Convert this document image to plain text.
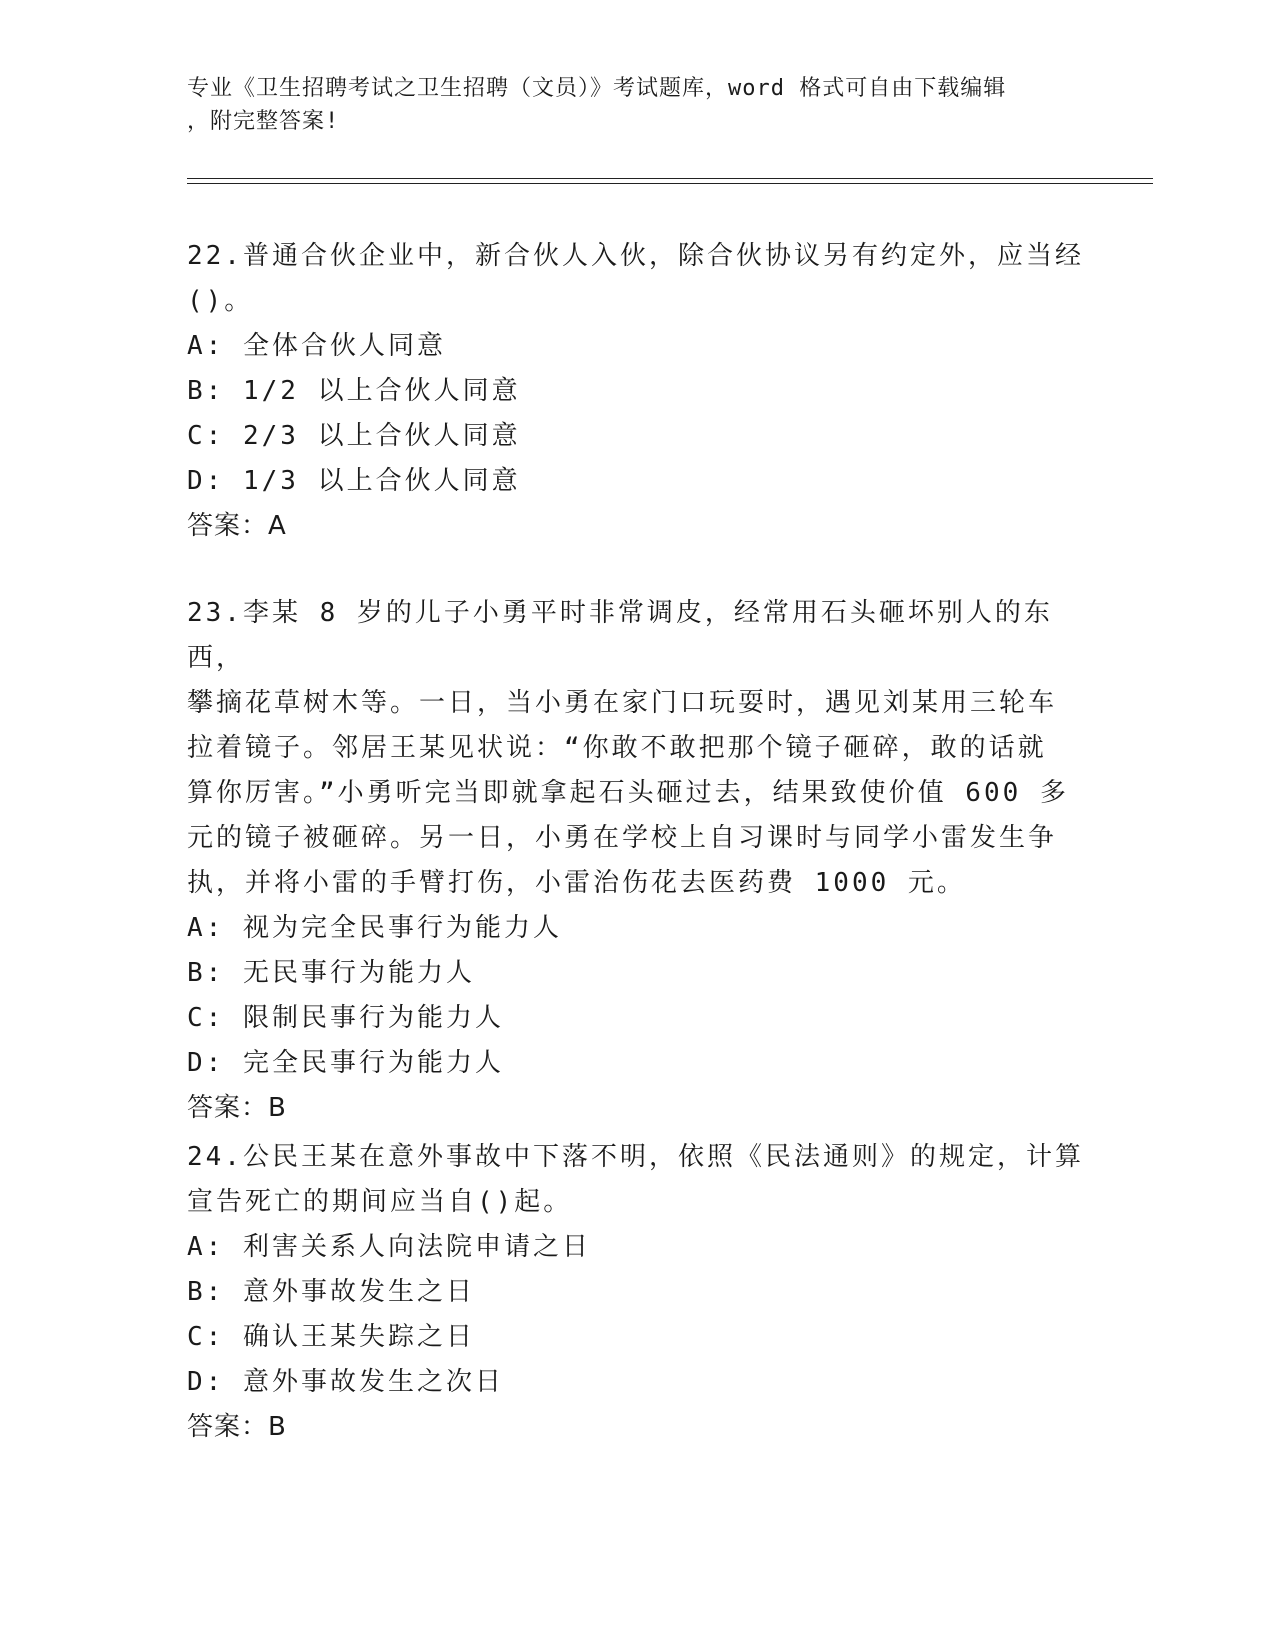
专业《卫生招聘考试之卫生招聘（文员）》考试题库，word 格式可自由下载编辑
，附完整答案!

22.普通合伙企业中，新合伙人入伙，除合伙协议另有约定外，应当经

()。

A: 全体合伙人同意

B: 1/2 以上合伙人同意

C: 2/3 以上合伙人同意

D: 1/3 以上合伙人同意

答案：A

23.李某 8 岁的儿子小勇平时非常调皮，经常用石头砸坏别人的东西，

攀摘花草树木等。一日，当小勇在家门口玩耍时，遇见刘某用三轮车

拉着镜子。邻居王某见状说：“你敢不敢把那个镜子砸碎，敢的话就

算你厉害。”小勇听完当即就拿起石头砸过去，结果致使价值 600 多

元的镜子被砸碎。另一日，小勇在学校上自习课时与同学小雷发生争

执，并将小雷的手臂打伤，小雷治伤花去医药费 1000 元。

A: 视为完全民事行为能力人

B: 无民事行为能力人

C: 限制民事行为能力人

D: 完全民事行为能力人

答案：B

24.公民王某在意外事故中下落不明，依照《民法通则》的规定，计算

宣告死亡的期间应当自()起。

A: 利害关系人向法院申请之日

B: 意外事故发生之日

C: 确认王某失踪之日

D: 意外事故发生之次日

答案：B
